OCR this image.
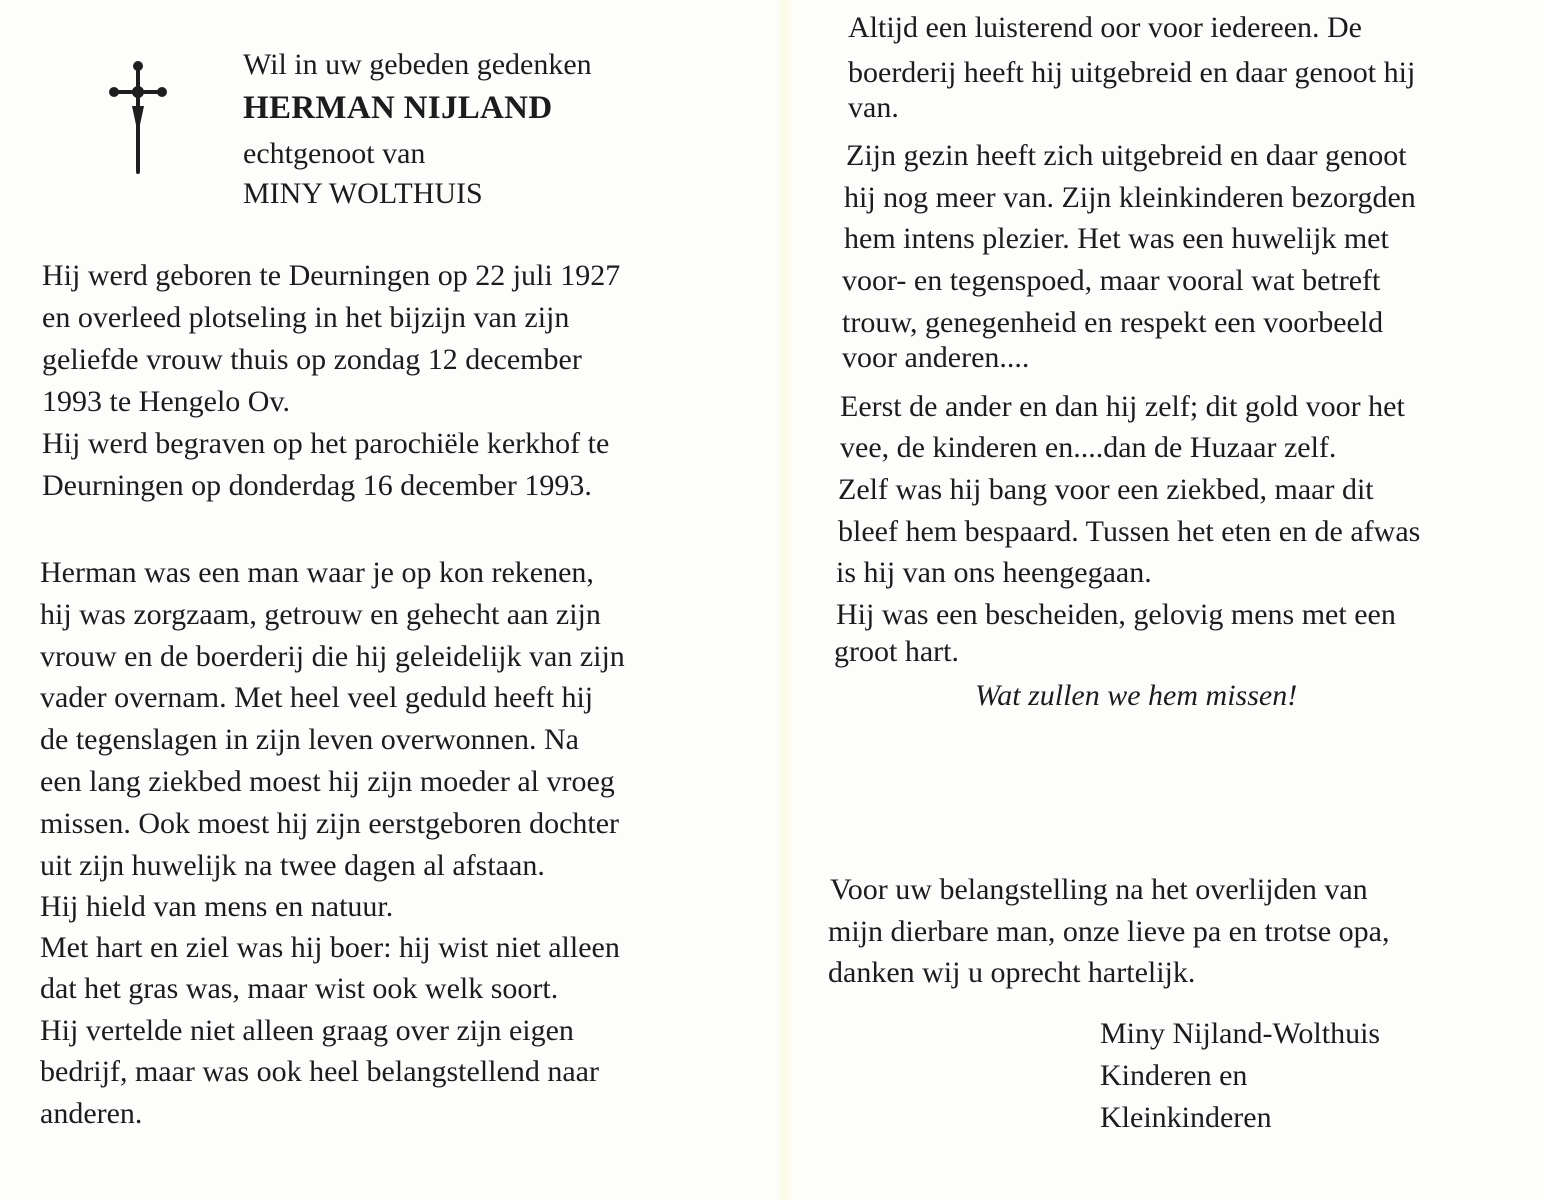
Wil in uw gebeden gedenken
HERMAN NIJLAND
echtgenoot van
MINY WOLTHUIS
Hij werd geboren te Deurningen op 22 juli 1927
en overleed plotseling in het bijzijn van zijn
geliefde vrouw thuis op zondag 12 december
1993 te Hengelo Ov.
Hij werd begraven op het parochiële kerkhof te
Deurningen op donderdag 16 december 1993.
Herman was een man waar je op kon rekenen,
hij was zorgzaam, getrouw en gehecht aan zijn
vrouw en de boerderij die hij geleidelijk van zijn
vader overnam. Met heel veel geduld heeft hij
de tegenslagen in zijn leven overwonnen. Na
een lang ziekbed moest hij zijn moeder al vroeg
missen. Ook moest hij zijn eerstgeboren dochter
uit zijn huwelijk na twee dagen al afstaan.
Hij hield van mens en natuur.
Met hart en ziel was hij boer: hij wist niet alleen
dat het gras was, maar wist ook welk soort.
Hij vertelde niet alleen graag over zijn eigen
bedrijf, maar was ook heel belangstellend naar
anderen.
Altijd een luisterend oor voor iedereen. De
boerderij heeft hij uitgebreid en daar genoot hij
van.
Zijn gezin heeft zich uitgebreid en daar genoot
hij nog meer van. Zijn kleinkinderen bezorgden
hem intens plezier. Het was een huwelijk met
voor- en tegenspoed, maar vooral wat betreft
trouw, genegenheid en respekt een voorbeeld
voor anderen....
Eerst de ander en dan hij zelf; dit gold voor het
vee, de kinderen en....dan de Huzaar zelf.
Zelf was hij bang voor een ziekbed, maar dit
bleef hem bespaard. Tussen het eten en de afwas
is hij van ons heengegaan.
Hij was een bescheiden, gelovig mens met een
groot hart.
Wat zullen we hem missen!
Voor uw belangstelling na het overlijden van
mijn dierbare man, onze lieve pa en trotse opa,
danken wij u oprecht hartelijk.
Miny Nijland-Wolthuis
Kinderen en
Kleinkinderen
